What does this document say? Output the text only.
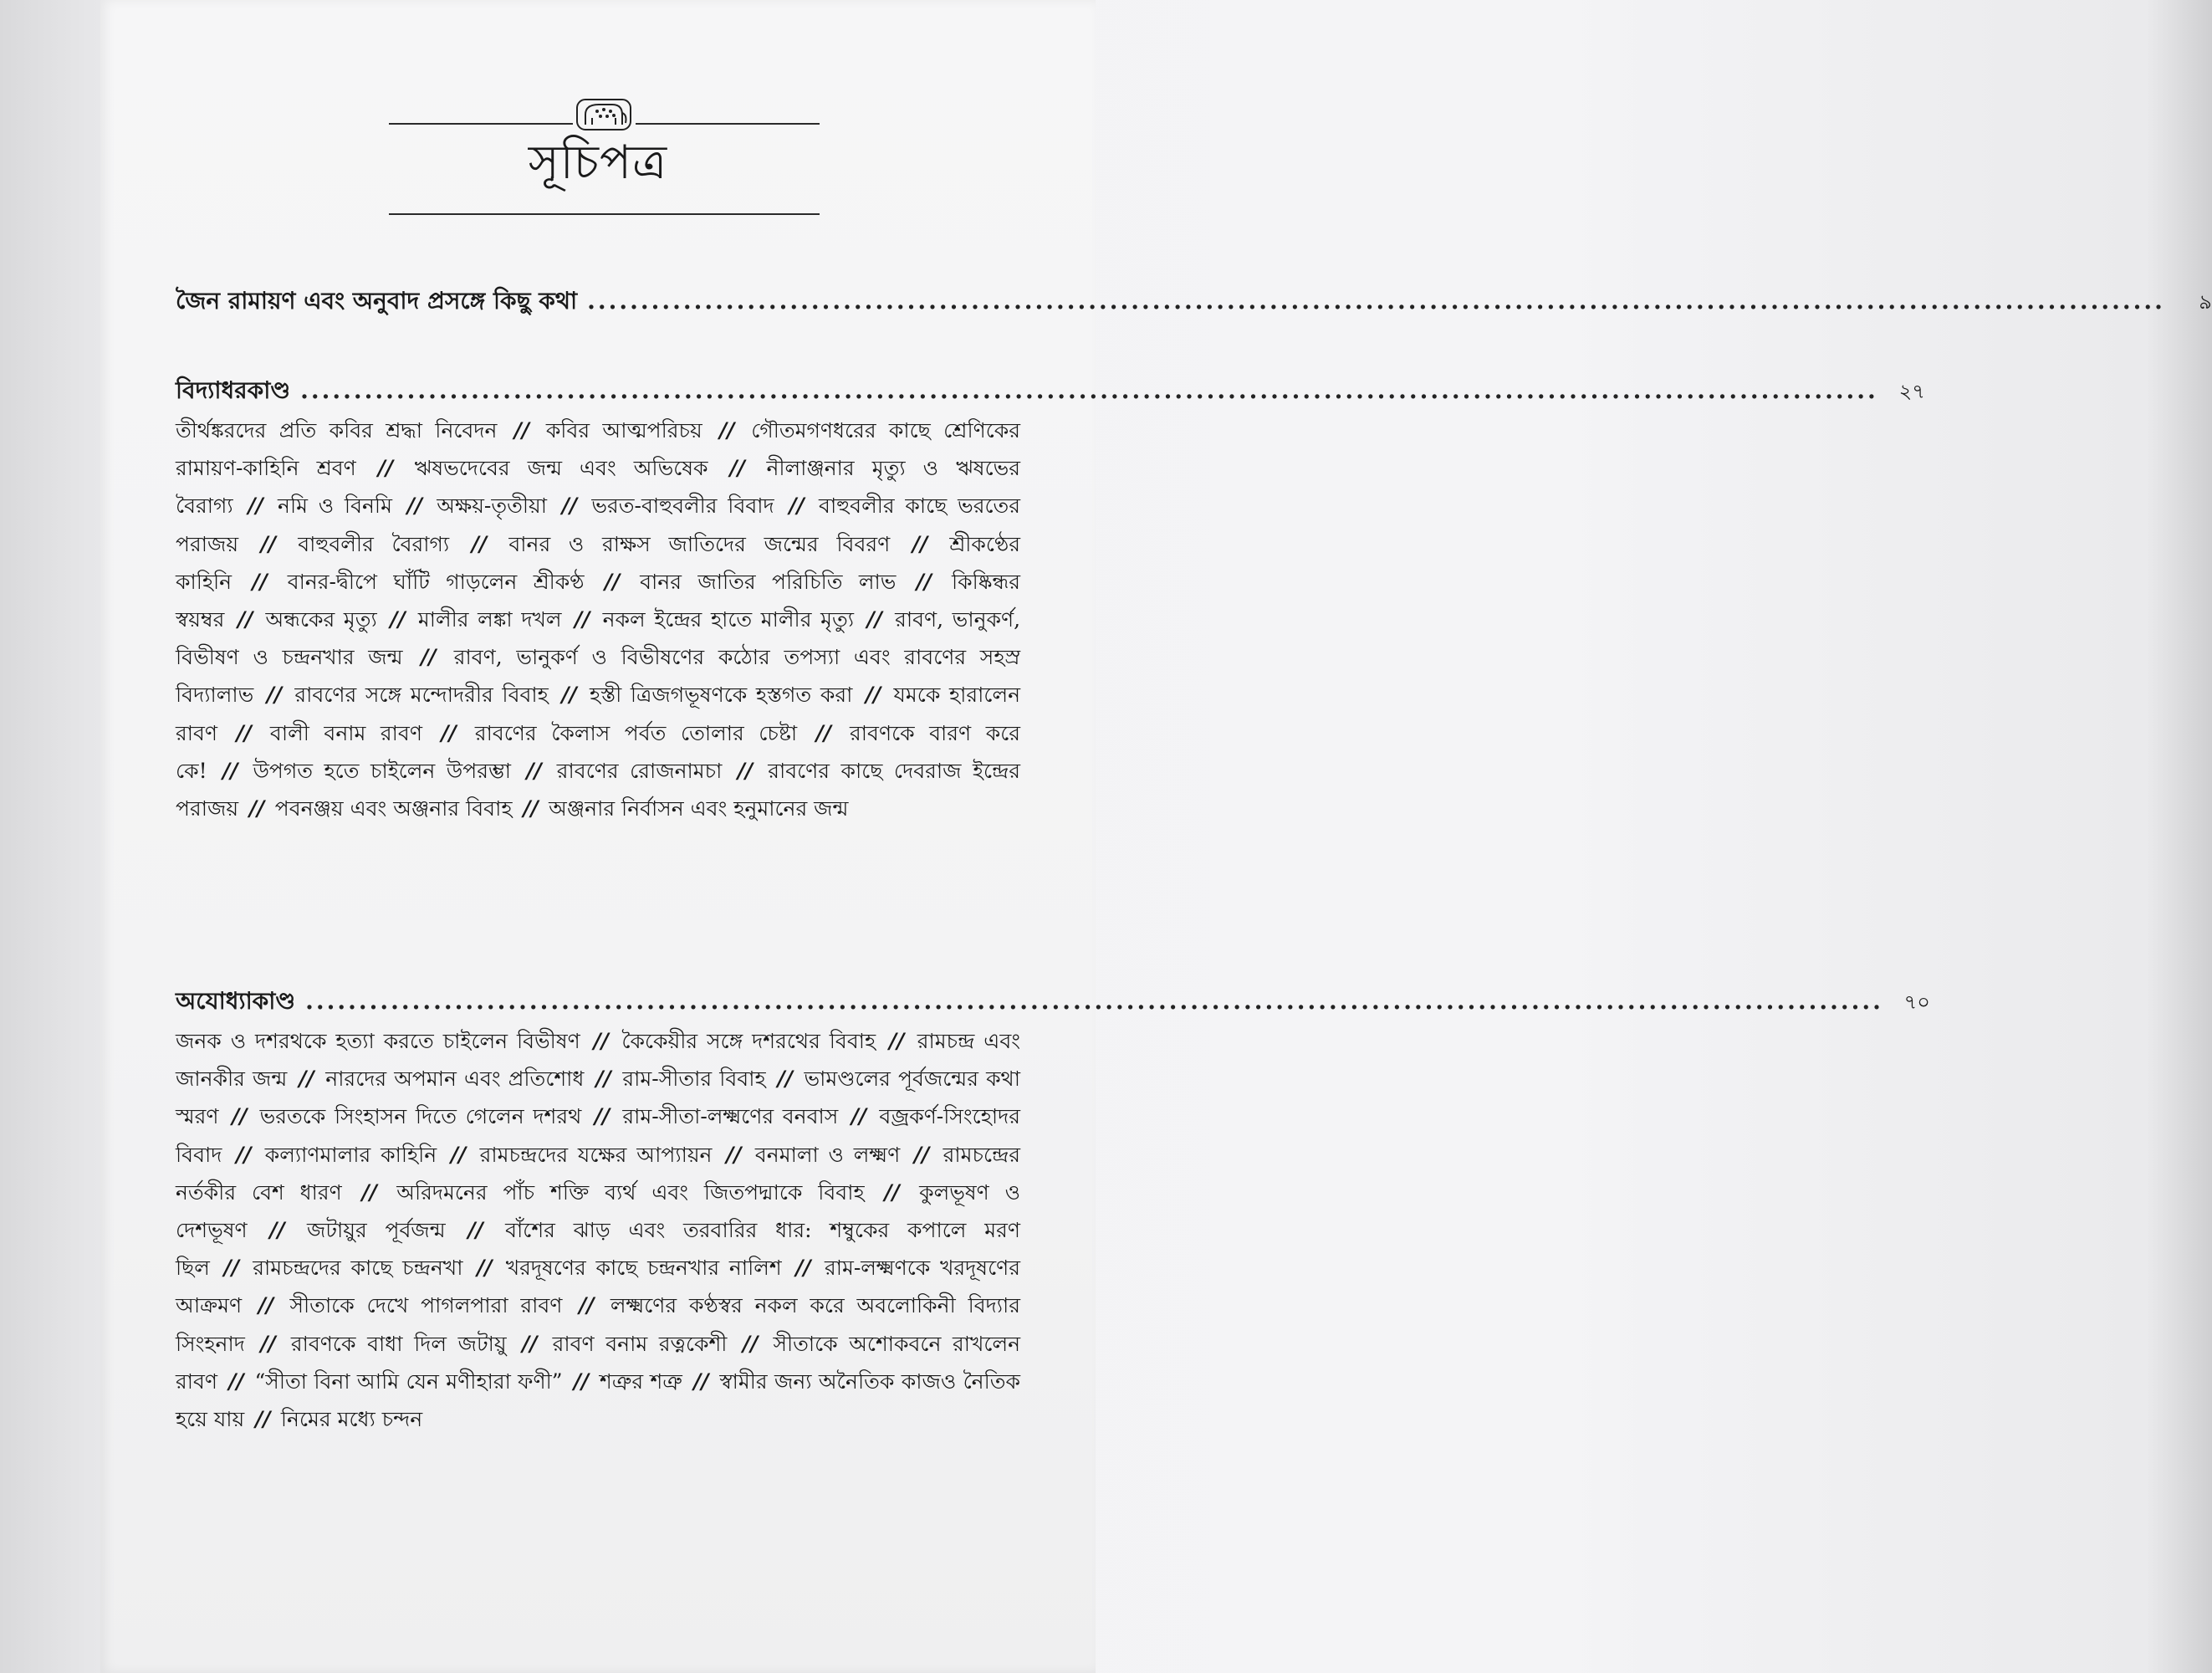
সূচিপত্র
জৈন রামায়ণ এবং অনুবাদ প্রসঙ্গে কিছু কথা ....................................................................................................................................................	৯
বিদ্যাধরকাণ্ড ....................................................................................................................................................	২৭
তীর্থঙ্করদের প্রতি কবির শ্রদ্ধা নিবেদন // কবির আত্মপরিচয় // গৌতমগণধরের কাছে শ্রেণিকের রামায়ণ-কাহিনি শ্রবণ // ঋষভদেবের জন্ম এবং অভিষেক // নীলাঞ্জনার মৃত্যু ও ঋষভের বৈরাগ্য // নমি ও বিনমি // অক্ষয়-তৃতীয়া // ভরত-বাহুবলীর বিবাদ // বাহুবলীর কাছে ভরতের পরাজয় // বাহুবলীর বৈরাগ্য // বানর ও রাক্ষস জাতিদের জন্মের বিবরণ // শ্রীকণ্ঠের কাহিনি // বানর-দ্বীপে ঘাঁটি গাড়লেন শ্রীকণ্ঠ // বানর জাতির পরিচিতি লাভ // কিষ্কিন্ধর স্বয়ম্বর // অন্ধকের মৃত্যু // মালীর লঙ্কা দখল // নকল ইন্দ্রের হাতে মালীর মৃত্যু // রাবণ, ভানুকর্ণ, বিভীষণ ও চন্দ্রনখার জন্ম // রাবণ, ভানুকর্ণ ও বিভীষণের কঠোর তপস্যা এবং রাবণের সহস্র বিদ্যালাভ // রাবণের সঙ্গে মন্দোদরীর বিবাহ // হস্তী ত্রিজগভূষণকে হস্তগত করা // যমকে হারালেন রাবণ // বালী বনাম রাবণ // রাবণের কৈলাস পর্বত তোলার চেষ্টা // রাবণকে বারণ করে কে! // উপগত হতে চাইলেন উপরম্ভা // রাবণের রোজনামচা // রাবণের কাছে দেবরাজ ইন্দ্রের পরাজয় // পবনঞ্জয় এবং অঞ্জনার বিবাহ // অঞ্জনার নির্বাসন এবং হনুমানের জন্ম
অযোধ্যাকাণ্ড ....................................................................................................................................................	৭০
জনক ও দশরথকে হত্যা করতে চাইলেন বিভীষণ // কৈকেয়ীর সঙ্গে দশরথের বিবাহ // রামচন্দ্র এবং জানকীর জন্ম // নারদের অপমান এবং প্রতিশোধ // রাম-সীতার বিবাহ // ভামণ্ডলের পূর্বজন্মের কথা স্মরণ // ভরতকে সিংহাসন দিতে গেলেন দশরথ // রাম-সীতা-লক্ষ্মণের বনবাস // বজ্রকর্ণ-সিংহোদর বিবাদ // কল্যাণমালার কাহিনি // রামচন্দ্রদের যক্ষের আপ্যায়ন // বনমালা ও লক্ষ্মণ // রামচন্দ্রের নর্তকীর বেশ ধারণ // অরিদমনের পাঁচ শক্তি ব্যর্থ এবং জিতপদ্মাকে বিবাহ // কুলভূষণ ও দেশভূষণ // জটায়ুর পূর্বজন্ম // বাঁশের ঝাড় এবং তরবারির ধার: শম্বুকের কপালে মরণ ছিল // রামচন্দ্রদের কাছে চন্দ্রনখা // খরদূষণের কাছে চন্দ্রনখার নালিশ // রাম-লক্ষ্মণকে খরদূষণের আক্রমণ // সীতাকে দেখে পাগলপারা রাবণ // লক্ষ্মণের কণ্ঠস্বর নকল করে অবলোকিনী বিদ্যার সিংহনাদ // রাবণকে বাধা দিল জটায়ু // রাবণ বনাম রত্নকেশী // সীতাকে অশোকবনে রাখলেন রাবণ // “সীতা বিনা আমি যেন মণীহারা ফণী” // শত্রুর শত্রু // স্বামীর জন্য অনৈতিক কাজও নৈতিক হয়ে যায় // নিমের মধ্যে চন্দন
